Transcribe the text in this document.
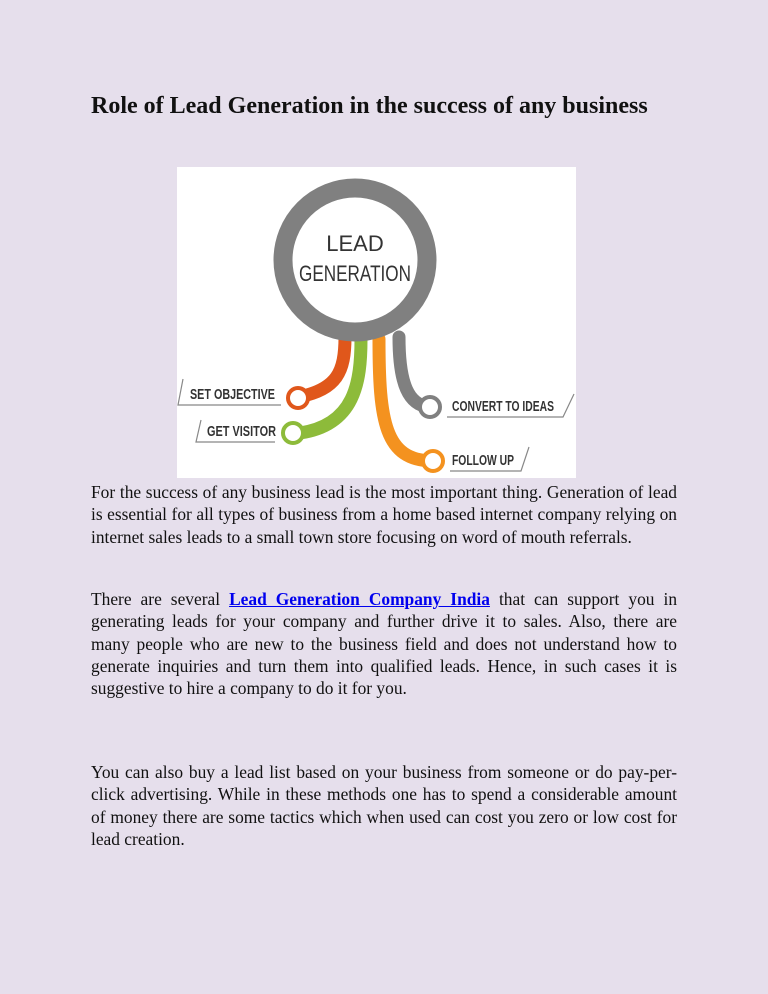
Role of Lead Generation in the success of any business
LEAD
GENERATION
SET OBJECTIVE
GET VISITOR
CONVERT TO IDEAS
FOLLOW UP

For the success of any business lead is the most important thing. Generation of lead is essential for all types of business from a home based internet company relying on internet sales leads to a small town store focusing on word of mouth referrals.

There are several Lead Generation Company India that can support you in generating leads for your company and further drive it to sales. Also, there are many people who are new to the business field and does not understand how to generate inquiries and turn them into qualified leads. Hence, in such cases it is suggestive to hire a company to do it for you.

You can also buy a lead list based on your business from someone or do pay-per-click advertising. While in these methods one has to spend a considerable amount of money there are some tactics which when used can cost you zero or low cost for lead creation.
